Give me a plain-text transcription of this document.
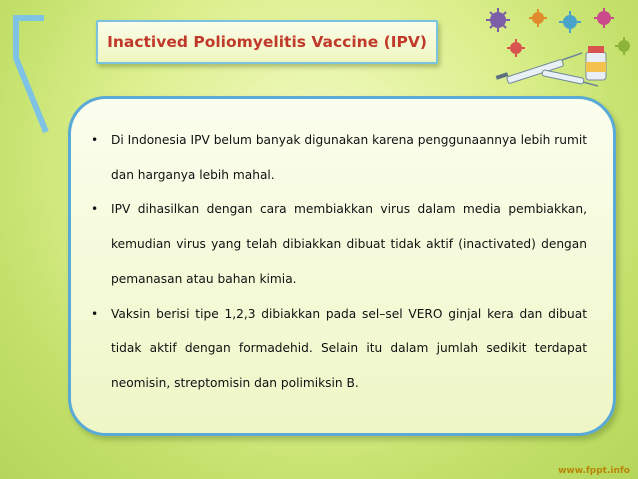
Inactived Poliomyelitis Vaccine (IPV)
• Di Indonesia IPV belum banyak digunakan karena penggunaannya lebih rumit dan harganya lebih mahal.
• IPV dihasilkan dengan cara membiakkan virus dalam media pembiakkan, kemudian virus yang telah dibiakkan dibuat tidak aktif (inactivated) dengan pemanasan atau bahan kimia.
• Vaksin berisi tipe 1,2,3 dibiakkan pada sel–sel VERO ginjal kera dan dibuat tidak aktif dengan formadehid. Selain itu dalam jumlah sedikit terdapat neomisin, streptomisin dan polimiksin B.
www.fppt.info
